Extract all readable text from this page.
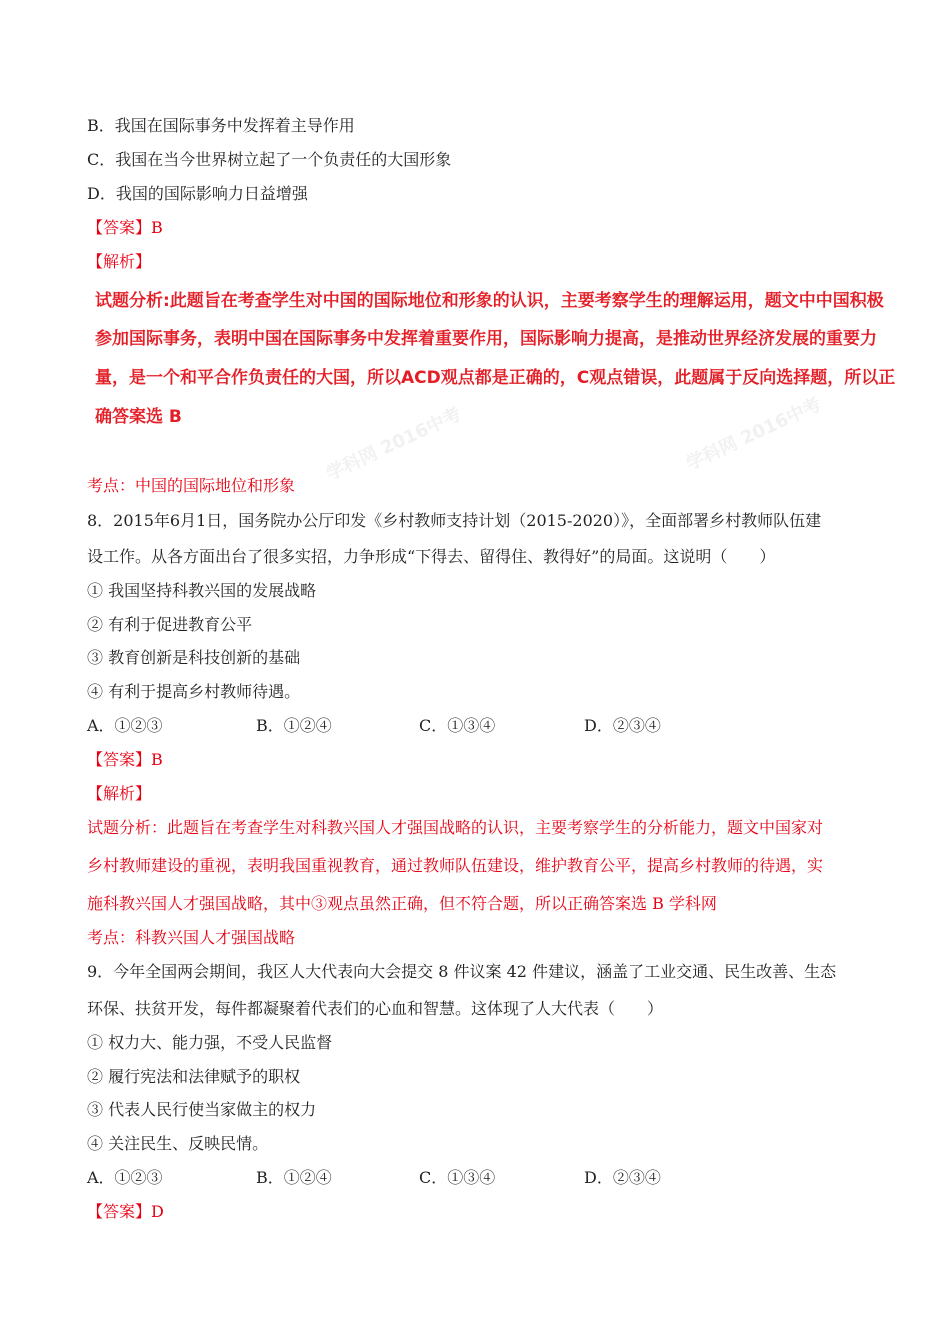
学科网 2016中考	学科网 2016中考
B．我国在国际事务中发挥着主导作用
C．我国在当今世界树立起了一个负责任的大国形象
D．我国的国际影响力日益增强
【答案】B
【解析】
试题分析:此题旨在考查学生对中国的国际地位和形象的认识，主要考察学生的理解运用，题文中中国积极
参加国际事务，表明中国在国际事务中发挥着重要作用，国际影响力提高，是推动世界经济发展的重要力
量，是一个和平合作负责任的大国，所以ACD观点都是正确的，C观点错误，此题属于反向选择题，所以正
确答案选 B
考点：中国的国际地位和形象
8．2015年6月1日，国务院办公厅印发《乡村教师支持计划（2015-2020）》，全面部署乡村教师队伍建
设工作。从各方面出台了很多实招，力争形成“下得去、留得住、教得好”的局面。这说明（　　）
① 我国坚持科教兴国的发展战略
② 有利于促进教育公平
③ 教育创新是科技创新的基础
④ 有利于提高乡村教师待遇。
A．①②③	B．①②④	C．①③④	D．②③④
【答案】B
【解析】
试题分析：此题旨在考查学生对科教兴国人才强国战略的认识，主要考察学生的分析能力，题文中国家对
乡村教师建设的重视，表明我国重视教育，通过教师队伍建设，维护教育公平，提高乡村教师的待遇，实
施科教兴国人才强国战略，其中③观点虽然正确，但不符合题，所以正确答案选 B 学科网
考点：科教兴国人才强国战略
9．今年全国两会期间，我区人大代表向大会提交 8 件议案 42 件建议，涵盖了工业交通、民生改善、生态
环保、扶贫开发，每件都凝聚着代表们的心血和智慧。这体现了人大代表（　　）
① 权力大、能力强，不受人民监督
② 履行宪法和法律赋予的职权
③ 代表人民行使当家做主的权力
④ 关注民生、反映民情。
A．①②③	B．①②④	C．①③④	D．②③④
【答案】D
